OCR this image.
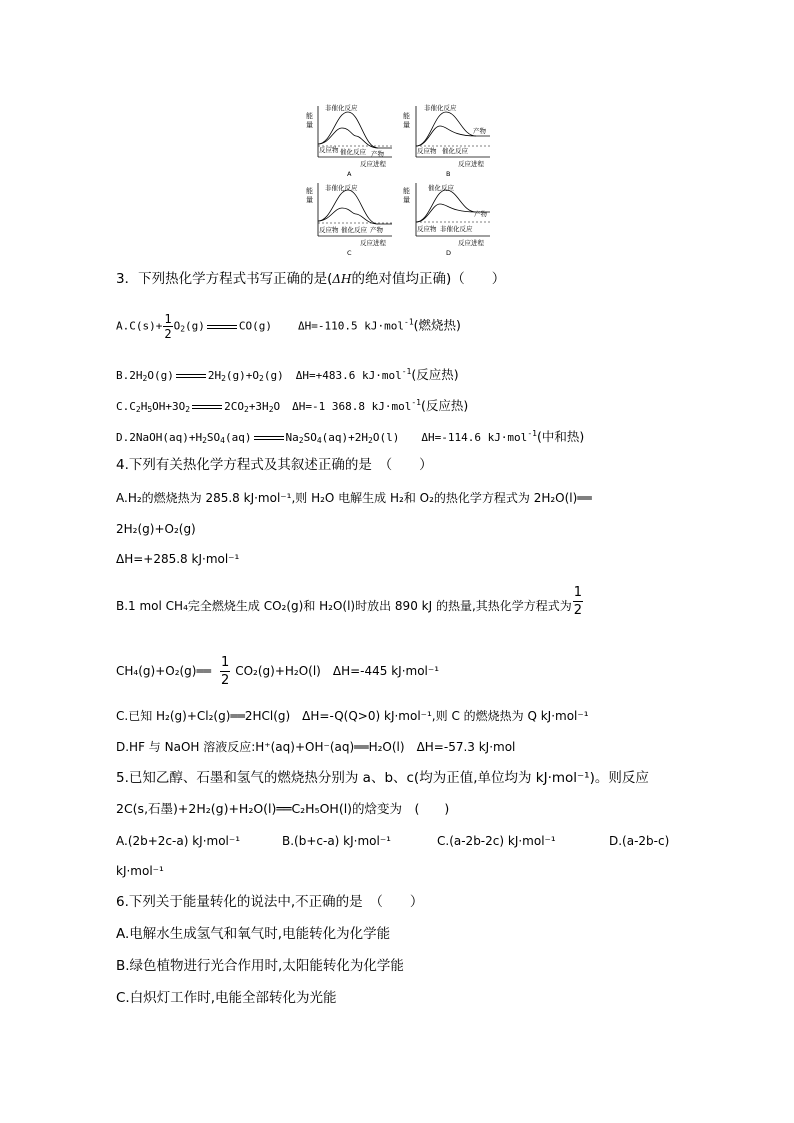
能
量
非催化反应
催化反应
反应物	产物
反应进程
A
能
量
非催化反应
催化反应
反应物
产物
反应进程
B
能
量
非催化反应
催化反应
反应物	产物
反应进程
C
能
量
非催化反应
催化反应
反应物
产物
反应进程
D
3．下列热化学方程式书写正确的是(ΔH的绝对值均正确)（　　）
$A.C(s)+ \frac{1}{2} O_2(g)$	CO(g) ΔH=-110.5 kJ·mol$^{-1}$(燃烧热)
$B.2H_2O(g)$	$2H_2(g)+O_2(g)$ ΔH=+483.6 kJ·mol$^{-1}$(反应热)
$C.C_2H_5OH+3O_2$	$2CO_2+3H_2O$ ΔH=-1 368.8 kJ·mol$^{-1}$(反应热)
$D.2NaOH(aq)+H_2SO_4(aq)$	$Na_2SO_4(aq)+2H_2O(l)$ ΔH=-114.6 kJ·mol$^{-1}$(中和热)
4.下列有关热化学方程式及其叙述正确的是　（　　）
A.H₂的燃烧热为 285.8 kJ·mol⁻¹,则 H₂O 电解生成 H₂和 O₂的热化学方程式为 2H₂O(l)══
2H₂(g)+O₂(g)
ΔH=+285.8 kJ·mol⁻¹
B.1 mol CH₄完全燃烧生成 CO₂(g)和 H₂O(l)时放出 890 kJ 的热量,其热化学方程式为 $\frac{1}{2}$
CH₄(g)+O₂(g)══ $\frac{1}{2} CO_2(g)+H_2O(l)$　ΔH=-445 kJ·mol⁻¹
C.已知 H₂(g)+Cl₂(g)══2HCl(g)　ΔH=-Q(Q>0) kJ·mol⁻¹,则 C 的燃烧热为 Q kJ·mol⁻¹
D.HF 与 NaOH 溶液反应:H⁺(aq)+OH⁻(aq)══H₂O(l)　ΔH=-57.3 kJ·mol
5.已知乙醇、石墨和氢气的燃烧热分别为 a、b、c(均为正值,单位均为 kJ·mol⁻¹)。则反应
2C(s,石墨)+2H₂(g)+H₂O(l)══C₂H₅OH(l)的焓变为　(　　)
A.(2b+2c-a) kJ·mol⁻¹	B.(b+c-a) kJ·mol⁻¹	C.(a-2b-2c) kJ·mol⁻¹	D.(a-2b-c)
kJ·mol⁻¹
6.下列关于能量转化的说法中,不正确的是　（　　）
A.电解水生成氢气和氧气时,电能转化为化学能
B.绿色植物进行光合作用时,太阳能转化为化学能
C.白炽灯工作时,电能全部转化为光能
